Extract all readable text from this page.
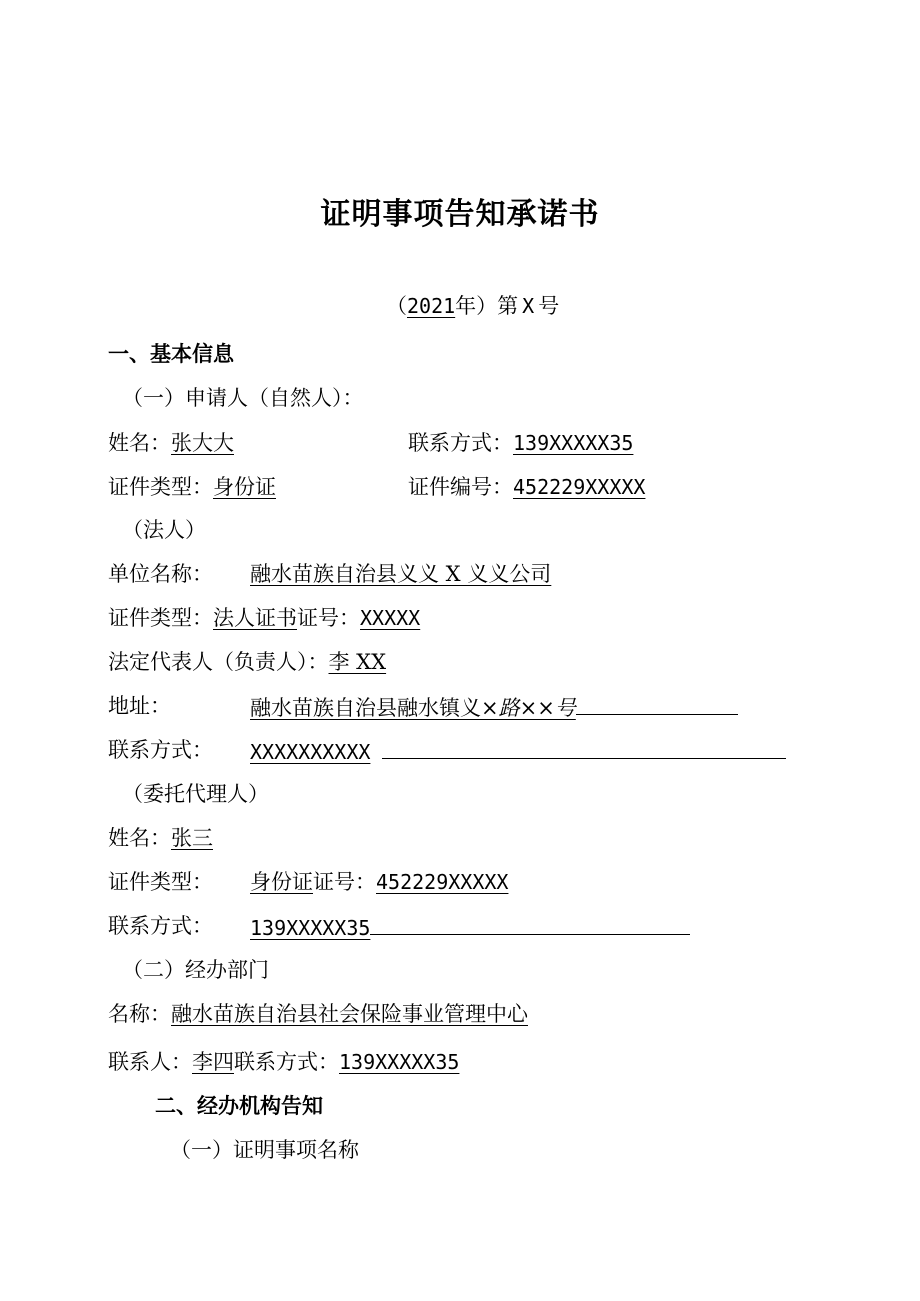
证明事项告知承诺书
（2021年）第 X 号
一、基本信息
（一）申请人（自然人）：
姓名：张大大	联系方式：139XXXXX35
证件类型：身份证	证件编号：452229XXXXX
（法人）
单位名称： 融水苗族自治县义义 X 义义公司
证件类型：法人证书证号：XXXXX
法定代表人（负责人）：李 XX
地址：	融水苗族自治县融水镇义×路××号
联系方式： XXXXXXXXXX
（委托代理人）
姓名：张三
证件类型： 身份证证号：452229XXXXX
联系方式： 139XXXXX35
（二）经办部门
名称：融水苗族自治县社会保险事业管理中心
联系人：李四联系方式：139XXXXX35
二、经办机构告知
（一）证明事项名称
